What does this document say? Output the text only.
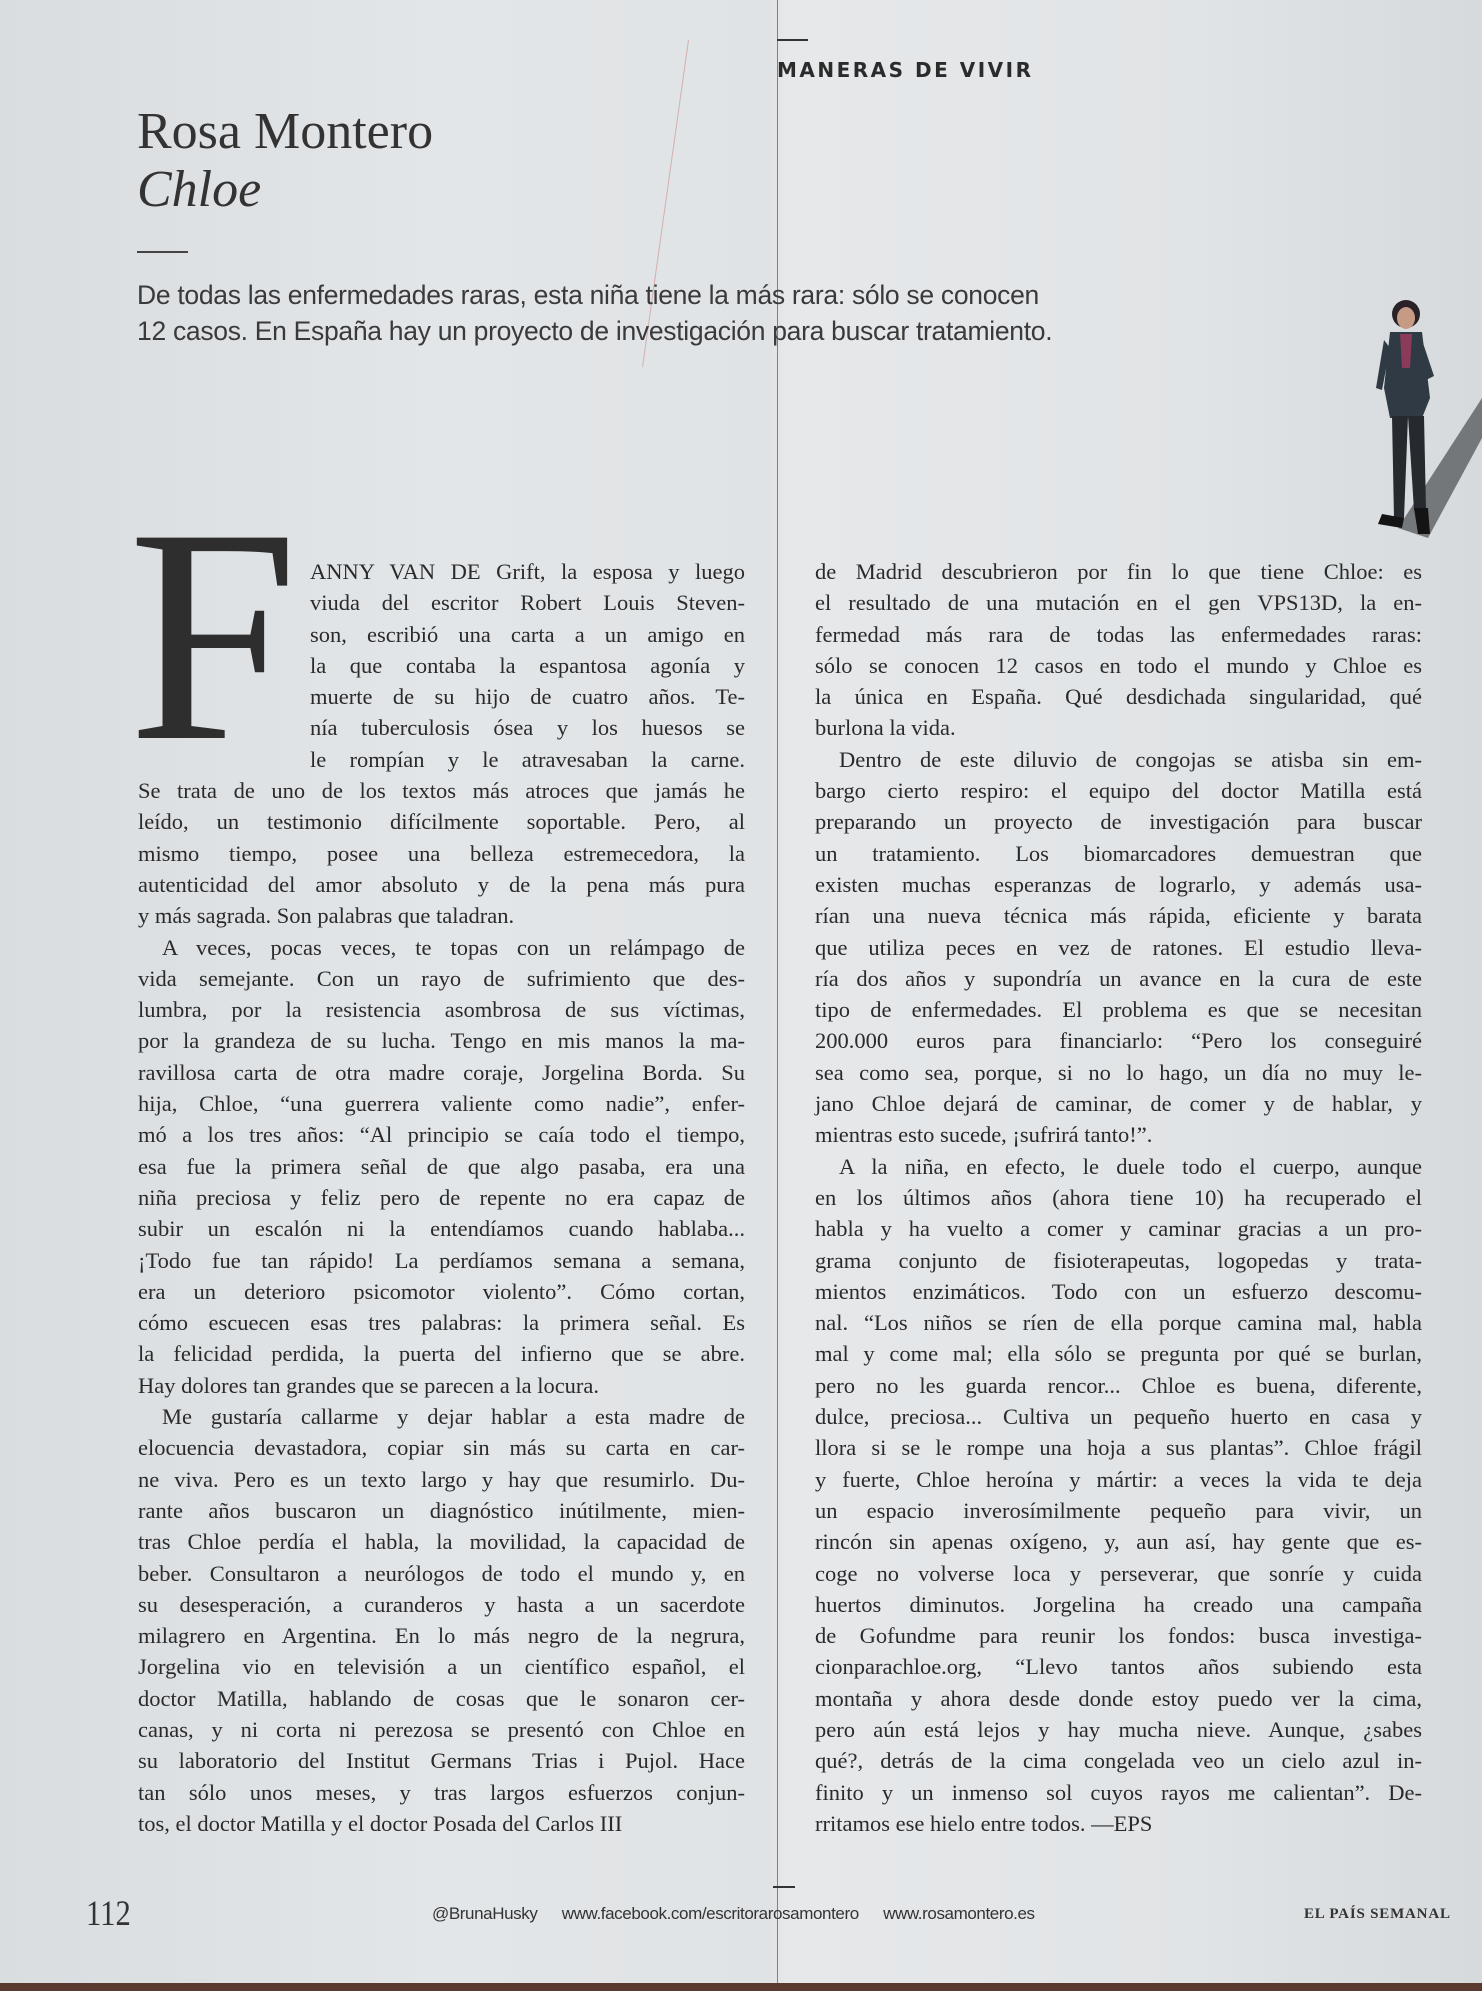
MANERAS DE VIVIR
Rosa Montero
Chloe
De todas las enfermedades raras, esta niña tiene la más rara: sólo se conocen
12 casos. En España hay un proyecto de investigación para buscar tratamiento.
F ANNY VAN DE Grift, la esposa y luego
viuda del escritor Robert Louis Steven-
son, escribió una carta a un amigo en
la que contaba la espantosa agonía y
muerte de su hijo de cuatro años. Te-
nía tuberculosis ósea y los huesos se
le rompían y le atravesaban la carne.
Se trata de uno de los textos más atroces que jamás he
leído, un testimonio difícilmente soportable. Pero, al
mismo tiempo, posee una belleza estremecedora, la
autenticidad del amor absoluto y de la pena más pura
y más sagrada. Son palabras que taladran.
A veces, pocas veces, te topas con un relámpago de
vida semejante. Con un rayo de sufrimiento que des-
lumbra, por la resistencia asombrosa de sus víctimas,
por la grandeza de su lucha. Tengo en mis manos la ma-
ravillosa carta de otra madre coraje, Jorgelina Borda. Su
hija, Chloe, “una guerrera valiente como nadie”, enfer-
mó a los tres años: “Al principio se caía todo el tiempo,
esa fue la primera señal de que algo pasaba, era una
niña preciosa y feliz pero de repente no era capaz de
subir un escalón ni la entendíamos cuando hablaba...
¡Todo fue tan rápido! La perdíamos semana a semana,
era un deterioro psicomotor violento”. Cómo cortan,
cómo escuecen esas tres palabras: la primera señal. Es
la felicidad perdida, la puerta del infierno que se abre.
Hay dolores tan grandes que se parecen a la locura.
Me gustaría callarme y dejar hablar a esta madre de
elocuencia devastadora, copiar sin más su carta en car-
ne viva. Pero es un texto largo y hay que resumirlo. Du-
rante años buscaron un diagnóstico inútilmente, mien-
tras Chloe perdía el habla, la movilidad, la capacidad de
beber. Consultaron a neurólogos de todo el mundo y, en
su desesperación, a curanderos y hasta a un sacerdote
milagrero en Argentina. En lo más negro de la negrura,
Jorgelina vio en televisión a un científico español, el
doctor Matilla, hablando de cosas que le sonaron cer-
canas, y ni corta ni perezosa se presentó con Chloe en
su laboratorio del Institut Germans Trias i Pujol. Hace
tan sólo unos meses, y tras largos esfuerzos conjun-
tos, el doctor Matilla y el doctor Posada del Carlos III
de Madrid descubrieron por fin lo que tiene Chloe: es
el resultado de una mutación en el gen VPS13D, la en-
fermedad más rara de todas las enfermedades raras:
sólo se conocen 12 casos en todo el mundo y Chloe es
la única en España. Qué desdichada singularidad, qué
burlona la vida.
Dentro de este diluvio de congojas se atisba sin em-
bargo cierto respiro: el equipo del doctor Matilla está
preparando un proyecto de investigación para buscar
un tratamiento. Los biomarcadores demuestran que
existen muchas esperanzas de lograrlo, y además usa-
rían una nueva técnica más rápida, eficiente y barata
que utiliza peces en vez de ratones. El estudio lleva-
ría dos años y supondría un avance en la cura de este
tipo de enfermedades. El problema es que se necesitan
200.000 euros para financiarlo: “Pero los conseguiré
sea como sea, porque, si no lo hago, un día no muy le-
jano Chloe dejará de caminar, de comer y de hablar, y
mientras esto sucede, ¡sufrirá tanto!”.
A la niña, en efecto, le duele todo el cuerpo, aunque
en los últimos años (ahora tiene 10) ha recuperado el
habla y ha vuelto a comer y caminar gracias a un pro-
grama conjunto de fisioterapeutas, logopedas y trata-
mientos enzimáticos. Todo con un esfuerzo descomu-
nal. “Los niños se ríen de ella porque camina mal, habla
mal y come mal; ella sólo se pregunta por qué se burlan,
pero no les guarda rencor... Chloe es buena, diferente,
dulce, preciosa... Cultiva un pequeño huerto en casa y
llora si se le rompe una hoja a sus plantas”. Chloe frágil
y fuerte, Chloe heroína y mártir: a veces la vida te deja
un espacio inverosímilmente pequeño para vivir, un
rincón sin apenas oxígeno, y, aun así, hay gente que es-
coge no volverse loca y perseverar, que sonríe y cuida
huertos diminutos. Jorgelina ha creado una campaña
de Gofundme para reunir los fondos: busca investiga-
cionparachloe.org, “Llevo tantos años subiendo esta
montaña y ahora desde donde estoy puedo ver la cima,
pero aún está lejos y hay mucha nieve. Aunque, ¿sabes
qué?, detrás de la cima congelada veo un cielo azul in-
finito y un inmenso sol cuyos rayos me calientan”. De-
rritamos ese hielo entre todos. —EPS
112	@BrunaHusky www.facebook.com/escritorarosamontero www.rosamontero.es	EL PAÍS SEMANAL
